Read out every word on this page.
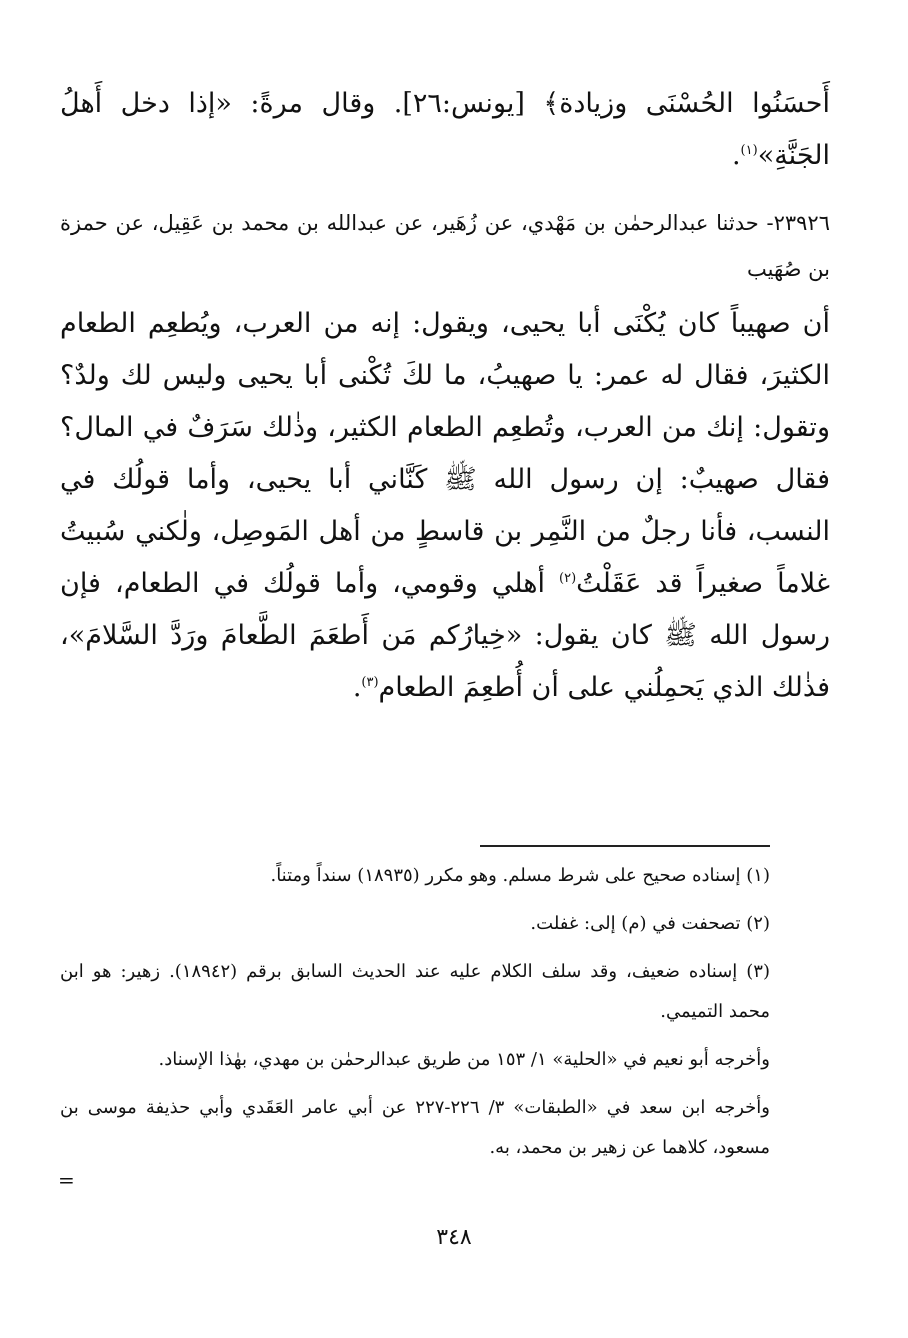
أَحسَنُوا الحُسْنَى وزيادة﴾ [يونس:٢٦]. وقال مرةً: «إذا دخل أَهلُ الجَنَّةِ»$^{(١)}$.
٢٣٩٢٦- حدثنا عبدالرحمٰن بن مَهْدي، عن زُهَير، عن عبدالله بن محمد بن عَقِيل، عن حمزة بن صُهَيب
أن صهيباً كان يُكْنَى أبا يحيى، ويقول: إنه من العرب، ويُطعِم الطعام الكثيرَ، فقال له عمر: يا صهيبُ، ما لكَ تُكْنى أبا يحيى وليس لك ولدٌ؟ وتقول: إنك من العرب، وتُطعِم الطعام الكثير، وذٰلك سَرَفٌ في المال؟ فقال صهيبٌ: إن رسول الله ﷺ كَنَّاني أبا يحيى، وأما قولُك في النسب، فأنا رجلٌ من النَّمِر بن قاسطٍ من أهل المَوصِل، ولٰكني سُبيتُ غلاماً صغيراً قد عَقَلْتُ$^{(٢)}$ أهلي وقومي، وأما قولُك في الطعام، فإن رسول الله ﷺ كان يقول: «خِيارُكم مَن أَطعَمَ الطَّعامَ ورَدَّ السَّلامَ»، فذٰلك الذي يَحمِلُني على أن أُطعِمَ الطعام$^{(٣)}$.

(١) إسناده صحيح على شرط مسلم. وهو مكرر (١٨٩٣٥) سنداً ومتناً.

(٢) تصحفت في (م) إلى: غفلت.

(٣) إسناده ضعيف، وقد سلف الكلام عليه عند الحديث السابق برقم (١٨٩٤٢). زهير: هو ابن محمد التميمي.

وأخرجه أبو نعيم في «الحلية» ١/ ١٥٣ من طريق عبدالرحمٰن بن مهدي، بهٰذا الإسناد.

وأخرجه ابن سعد في «الطبقات» ٣/ ٢٢٦-٢٢٧ عن أبي عامر العَقَدي وأبي حذيفة موسى بن مسعود، كلاهما عن زهير بن محمد، به.

=
٣٤٨
